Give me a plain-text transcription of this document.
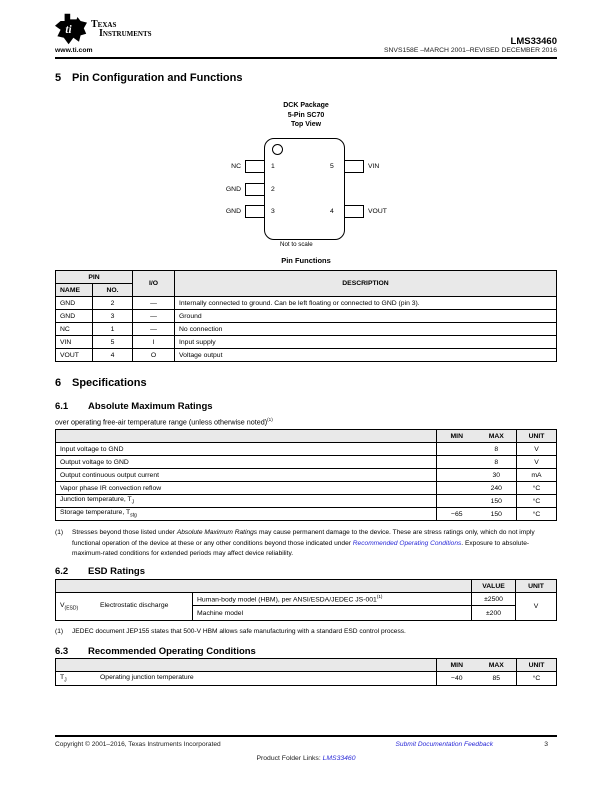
ti Texas
Instruments
LMS33460
www.ti.com	SNVS158E –MARCH 2001–REVISED DECEMBER 2016
5 Pin Configuration and Functions
DCK Package
5-Pin SC70
Top View
1
2
3
5
4
NC
GND
GND
VIN
VOUT
Not to scale
Pin Functions
PIN		I/O	DESCRIPTION
NAME	NO.		
GND	2	—	Internally connected to ground. Can be left floating or connected to GND (pin 3).
GND	3	—	Ground
NC	1	—	No connection
VIN	5	I	Input supply
VOUT	4	O	Voltage output
6 Specifications
6.1	Absolute Maximum Ratings
over operating free-air temperature range (unless otherwise noted)$^{(1)}$
	MIN	MAX	UNIT
Input voltage to GND		8	V
Output voltage to GND		8	V
Output continuous output current		30	mA
Vapor phase IR convection reflow		240	°C
Junction temperature, $T_J$		150	°C
Storage temperature, $T_{stg}$	−65	150	°C
(1) Stresses beyond those listed under Absolute Maximum Ratings may cause permanent damage to the device. These are stress ratings only, which do not imply functional operation of the device at these or any other conditions beyond those indicated under Recommended Operating Conditions. Exposure to absolute-maximum-rated conditions for extended periods may affect device reliability.
6.2	ESD Ratings
		VALUE	UNIT

$V_{(ESD)}$ Electrostatic discharge	Human-body model (HBM), per ANSI/ESDA/JEDEC $JS-001^{(1)}$	±2500	V
	Machine model	±200	
(1) JEDEC document JEP155 states that 500-V HBM allows safe manufacturing with a standard ESD control process.
6.3	Recommended Operating Conditions
	MIN	MAX	UNIT

$T_J$ Operating junction temperature	−40	85	°C
Copyright © 2001–2016, Texas Instruments Incorporated	Submit Documentation Feedback	3
Product Folder Links: LMS33460
